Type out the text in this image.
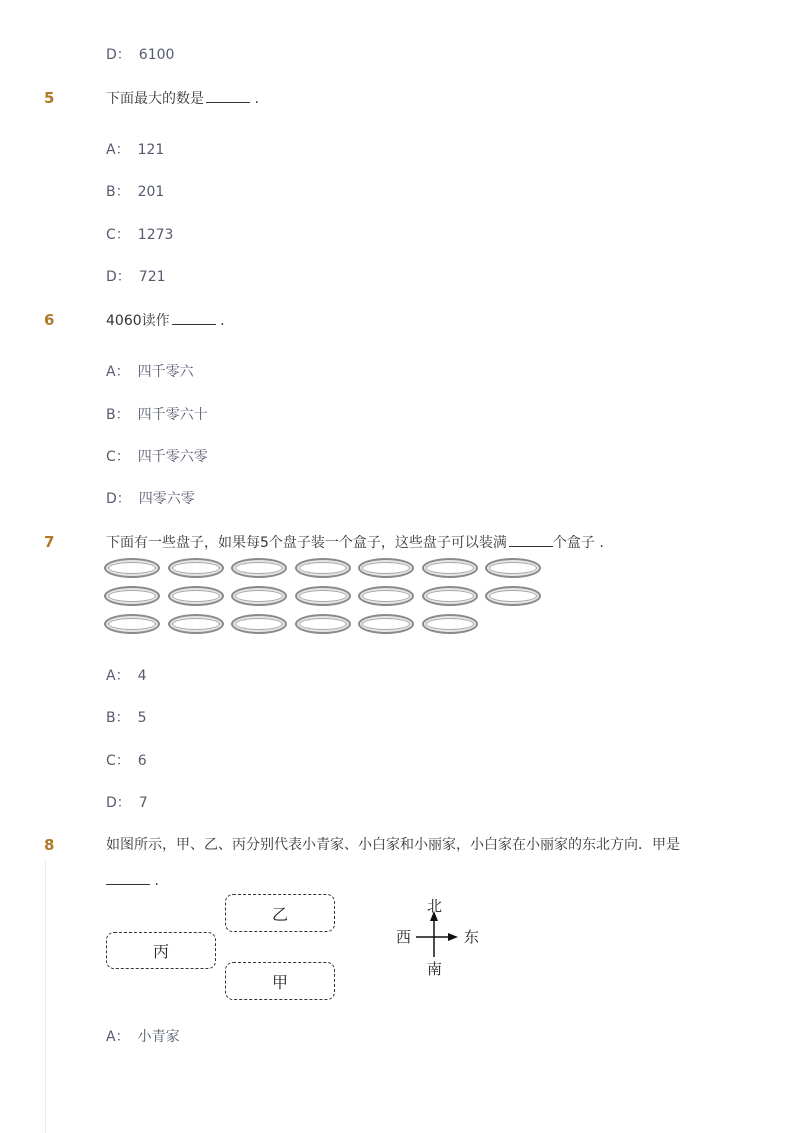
D： 6100
5	下面最大的数是	.
A： 121
B： 201
C： 1273
D： 721
6	4060读作	.
A： 四千零六
B： 四千零六十
C： 四千零六零
D： 四零六零
7	下面有一些盘子，如果每5个盘子装一个盒子，这些盘子可以装满	个盒子 .
A： 4
B： 5
C： 6
D： 7
8	如图所示，甲、乙、丙分别代表小青家、小白家和小丽家，小白家在小丽家的东北方向．甲是
.
乙
丙
甲
北
西	东
南
A： 小青家
